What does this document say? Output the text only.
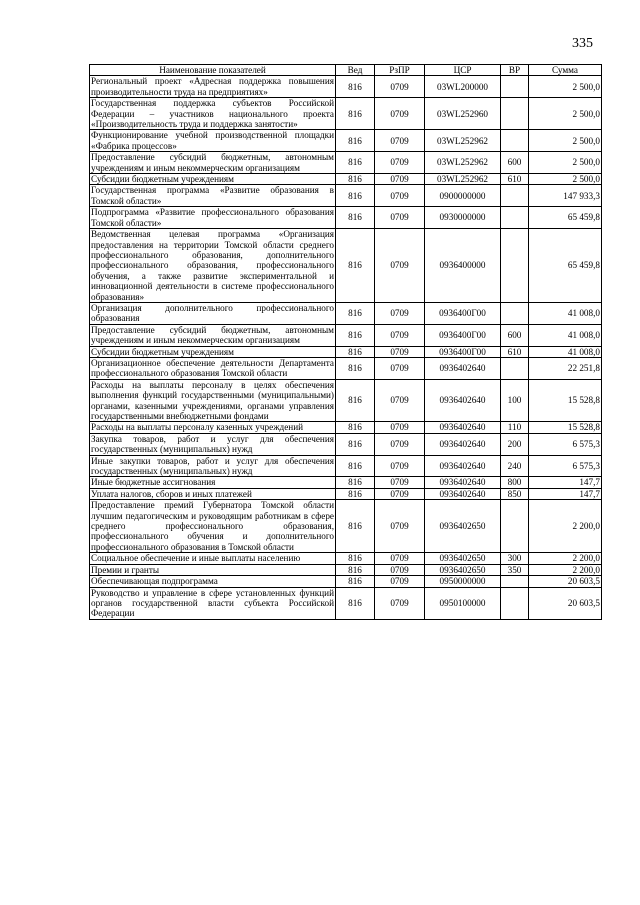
335
Наименование показателей	Вед	РзПР	ЦСР	ВР	Сумма
Региональный проект «Адресная поддержка повышения производительности труда на предприятиях»	816	0709	03WL200000		2 500,0
Государственная поддержка субъектов Российской Федерации – участников национального проекта «Производительность труда и поддержка занятости»	816	0709	03WL252960		2 500,0
Функционирование учебной производственной площадки «Фабрика процессов»	816	0709	03WL252962		2 500,0
Предоставление субсидий бюджетным, автономным учреждениям и иным некоммерческим организациям	816	0709	03WL252962	600	2 500,0
Субсидии бюджетным учреждениям	816	0709	03WL252962	610	2 500,0
Государственная программа «Развитие образования в Томской области»	816	0709	0900000000		147 933,3
Подпрограмма «Развитие профессионального образования Томской области»	816	0709	0930000000		65 459,8
Ведомственная целевая программа «Организация предоставления на территории Томской области среднего профессионального образования, дополнительного профессионального образования, профессионального обучения, а также развитие экспериментальной и инновационной деятельности в системе профессионального образования»	816	0709	0936400000		65 459,8
Организация дополнительного профессионального образования	816	0709	0936400Г00		41 008,0
Предоставление субсидий бюджетным, автономным учреждениям и иным некоммерческим организациям	816	0709	0936400Г00	600	41 008,0
Субсидии бюджетным учреждениям	816	0709	0936400Г00	610	41 008,0
Организационное обеспечение деятельности Департамента профессионального образования Томской области	816	0709	0936402640		22 251,8
Расходы на выплаты персоналу в целях обеспечения выполнения функций государственными (муниципальными) органами, казенными учреждениями, органами управления государственными внебюджетными фондами	816	0709	0936402640	100	15 528,8
Расходы на выплаты персоналу казенных учреждений	816	0709	0936402640	110	15 528,8
Закупка товаров, работ и услуг для обеспечения государственных (муниципальных) нужд	816	0709	0936402640	200	6 575,3
Иные закупки товаров, работ и услуг для обеспечения государственных (муниципальных) нужд	816	0709	0936402640	240	6 575,3
Иные бюджетные ассигнования	816	0709	0936402640	800	147,7
Уплата налогов, сборов и иных платежей	816	0709	0936402640	850	147,7
Предоставление премий Губернатора Томской области лучшим педагогическим и руководящим работникам в сфере среднего профессионального образования, профессионального обучения и дополнительного профессионального образования в Томской области	816	0709	0936402650		2 200,0
Социальное обеспечение и иные выплаты населению	816	0709	0936402650	300	2 200,0
Премии и гранты	816	0709	0936402650	350	2 200,0
Обеспечивающая подпрограмма	816	0709	0950000000		20 603,5
Руководство и управление в сфере установленных функций органов государственной власти субъекта Российской Федерации	816	0709	0950100000		20 603,5
